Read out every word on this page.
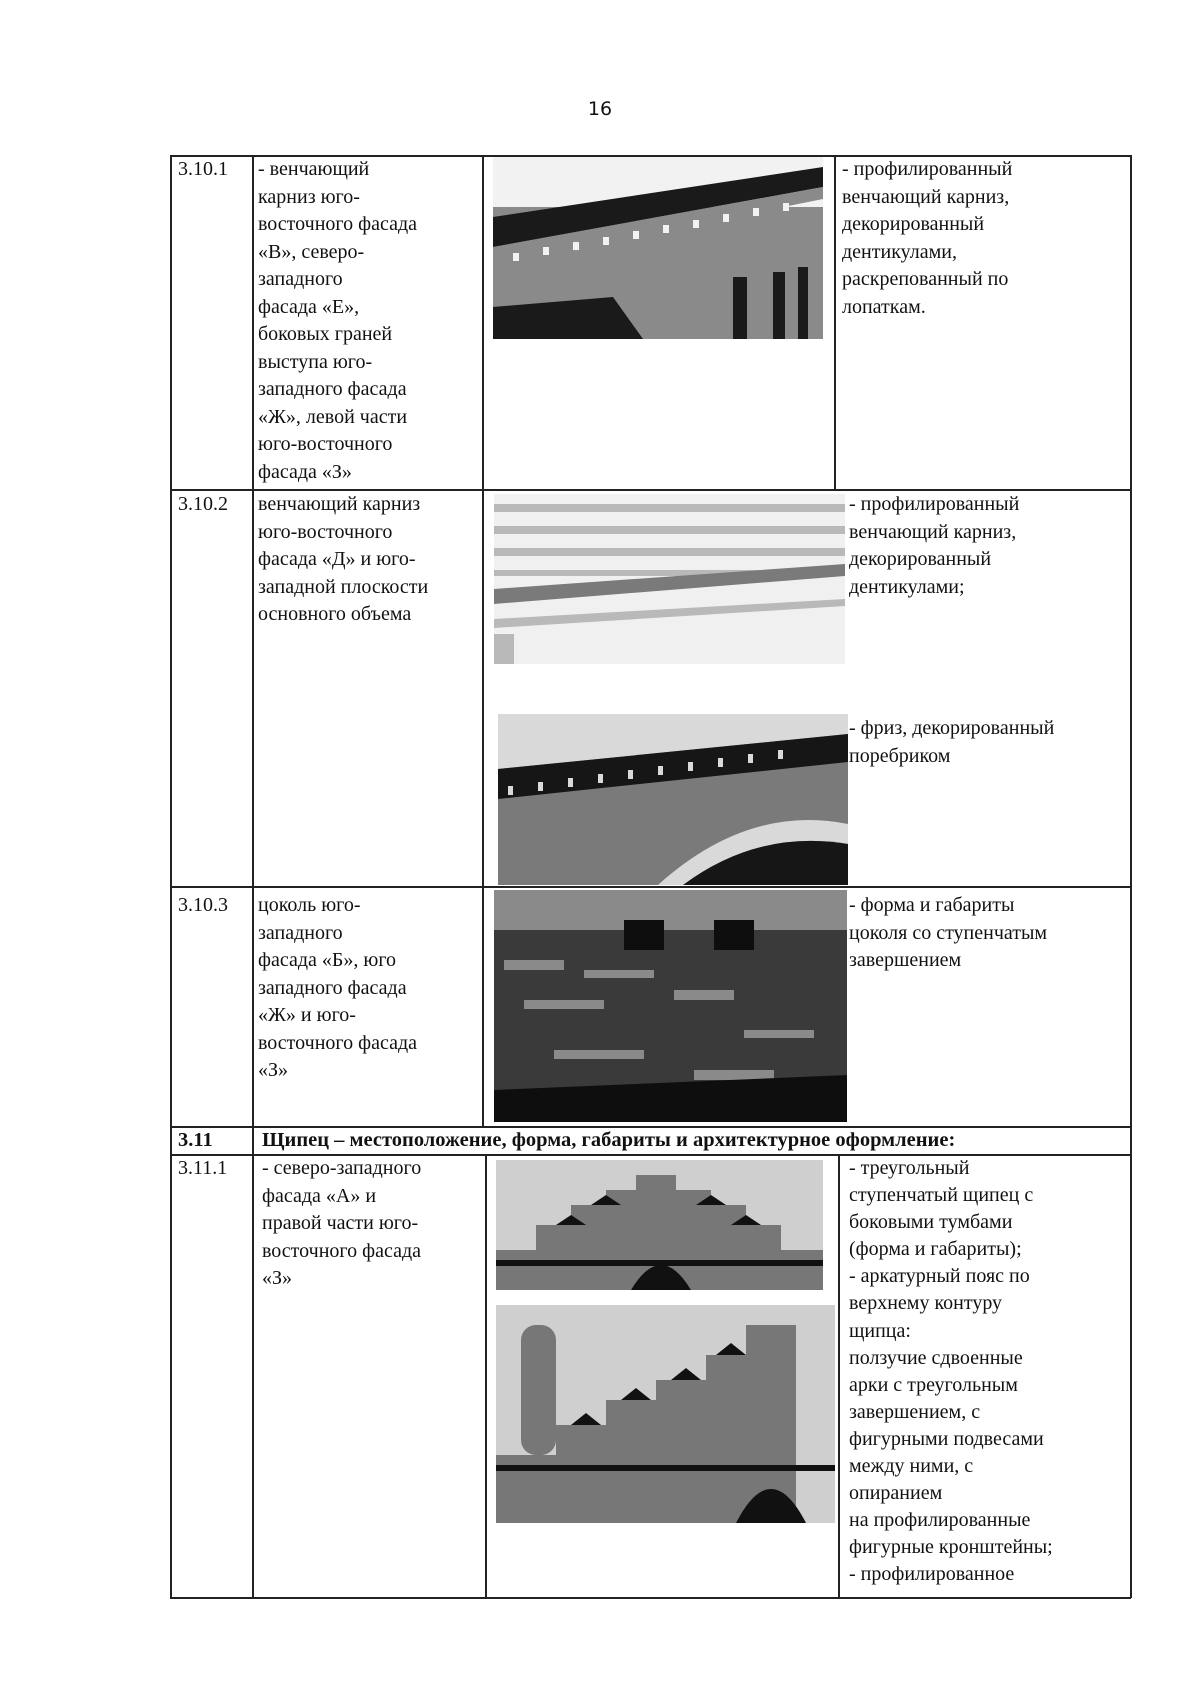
16
3.10.1 - венчающий
карниз юго-
восточного фасада
«В», северо-
западного
фасада «Е»,
боковых граней
выступа юго-
западного фасада
«Ж», левой части
юго-восточного
фасада «З»
- профилированный
венчающий карниз,
декорированный
дентикулами,
раскрепованный по
лопаткам.
3.10.2 венчающий карниз
юго-восточного
фасада «Д» и юго-
западной плоскости
основного объема
- профилированный
венчающий карниз,
декорированный
дентикулами;
- фриз, декорированный
поребриком
3.10.3 цоколь юго-
западного
фасада «Б», юго
западного фасада
«Ж» и юго-
восточного фасада
«З»
- форма и габариты
цоколя со ступенчатым
завершением
3.11 Щипец – местоположение, форма, габариты и архитектурное оформление:
3.11.1 - северо-западного
фасада «А» и
правой части юго-
восточного фасада
«З»
- треугольный
ступенчатый щипец с
боковыми тумбами
(форма и габариты);
- аркатурный пояс по
верхнему контуру
щипца:
ползучие сдвоенные
арки с треугольным
завершением, с
фигурными подвесами
между ними, с
опиранием
на профилированные
фигурные кронштейны;
- профилированное
